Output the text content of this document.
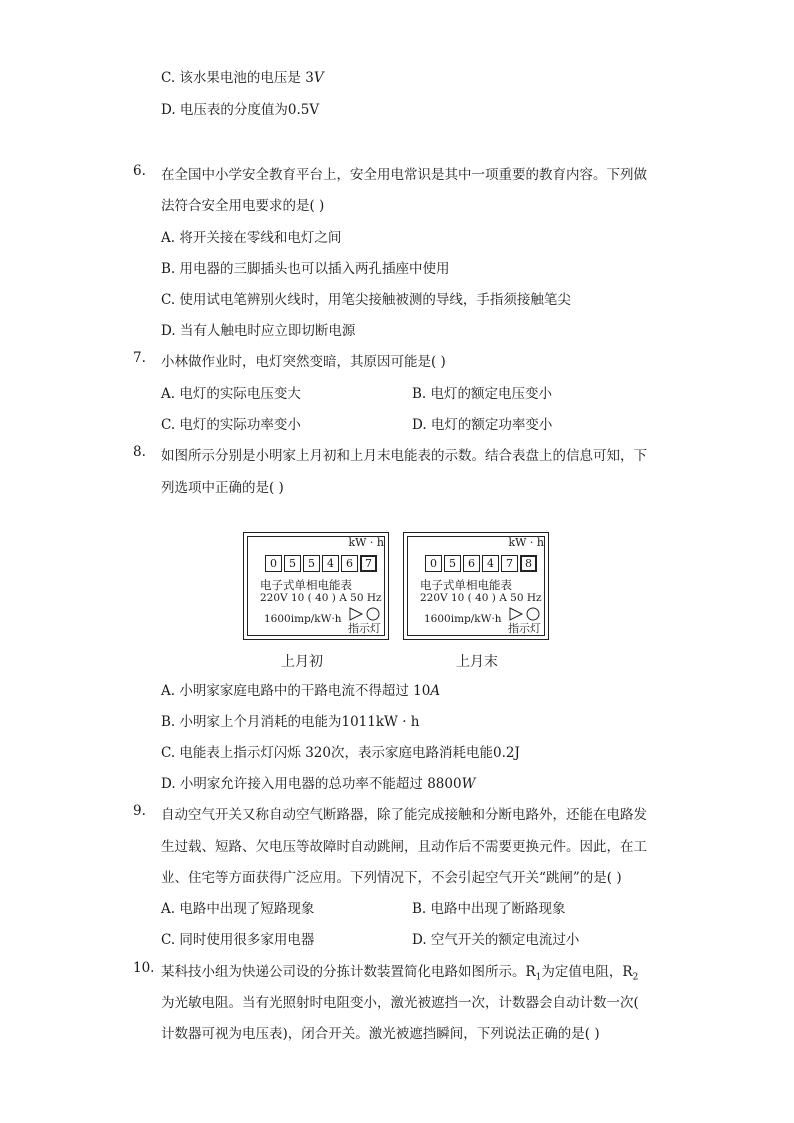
C. 该水果电池的电压是 3V
D. 电压表的分度值为0.5V
6. 在全国中小学安全教育平台上，安全用电常识是其中一项重要的教育内容。下列做
法符合安全用电要求的是( )
A. 将开关接在零线和电灯之间
B. 用电器的三脚插头也可以插入两孔插座中使用
C. 使用试电笔辨别火线时，用笔尖接触被测的导线，手指须接触笔尖
D. 当有人触电时应立即切断电源
7. 小林做作业时，电灯突然变暗，其原因可能是( )
A. 电灯的实际电压变大	B. 电灯的额定电压变小
C. 电灯的实际功率变小	D. 电灯的额定功率变小
8. 如图所示分别是小明家上月初和上月末电能表的示数。结合表盘上的信息可知，下
列选项中正确的是( )
kW · h
0	5	5	4	6	7
电子式单相电能表
220V 10 ( 40 ) A 50 Hz
1600imp/kW·h
指示灯
上月初
kW · h
0	5	6	4	7	8
电子式单相电能表
220V 10 ( 40 ) A 50 Hz
1600imp/kW·h
指示灯
上月末
A. 小明家家庭电路中的干路电流不得超过 10A
B. 小明家上个月消耗的电能为1011kW · h
C. 电能表上指示灯闪烁 320次，表示家庭电路消耗电能0.2J
D. 小明家允许接入用电器的总功率不能超过 8800W
9. 自动空气开关又称自动空气断路器，除了能完成接触和分断电路外，还能在电路发
生过载、短路、欠电压等故障时自动跳闸，且动作后不需要更换元件。因此，在工
业、住宅等方面获得广泛应用。下列情况下，不会引起空气开关“跳闸”的是( )
A. 电路中出现了短路现象	B. 电路中出现了断路现象
C. 同时使用很多家用电器	D. 空气开关的额定电流过小
10. 某科技小组为快递公司设的分拣计数装置简化电路如图所示。$R_1$为定值电阻，$R_2$
为光敏电阻。当有光照射时电阻变小，激光被遮挡一次，计数器会自动计数一次(
计数器可视为电压表)，闭合开关。激光被遮挡瞬间，下列说法正确的是( )
